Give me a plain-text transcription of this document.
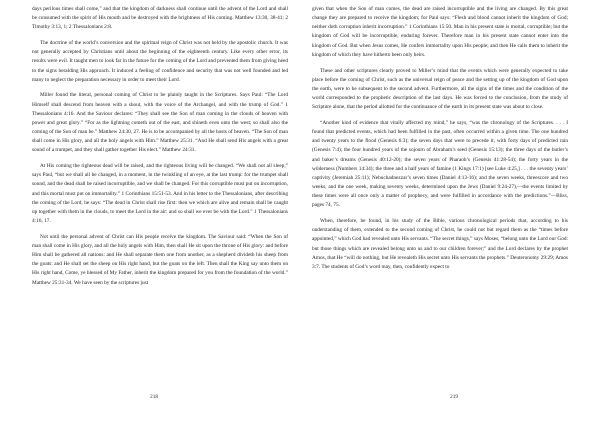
days perilous times shall come,” and that the kingdom of darkness shall continue until the advent of the Lord and shall be consumed with the spirit of His mouth and be destroyed with the brightness of His coming. Matthew 13:30, 38-41; 2 Timothy 3:13, 1; 2 Thessalonians 2:8.

The doctrine of the world’s conversion and the spiritual reign of Christ was not held by the apostolic church. It was not generally accepted by Christians until about the beginning of the eighteenth century. Like every other error, its results were evil. It taught men to look far in the future for the coming of the Lord and prevented them from giving heed to the signs heralding His approach. It induced a feeling of confidence and security that was not well founded and led many to neglect the preparation necessary in order to meet their Lord.

Miller found the literal, personal coming of Christ to be plainly taught in the Scriptures. Says Paul: “The Lord Himself shall descend from heaven with a shout, with the voice of the Archangel, and with the trump of God.” 1 Thessalonians 4:16. And the Saviour declares: “They shall see the Son of man coming in the clouds of heaven with power and great glory.” “For as the lightning cometh out of the east, and shineth even unto the west; so shall also the coming of the Son of man be.” Matthew 24:30, 27. He is to be accompanied by all the hosts of heaven. “The Son of man shall come in His glory, and all the holy angels with Him.” Matthew 25:31. “And He shall send His angels with a great sound of a trumpet, and they shall gather together His elect.” Matthew 24:31.

At His coming the righteous dead will be raised, and the righteous living will be changed. “We shall not all sleep,” says Paul, “but we shall all be changed, in a moment, in the twinkling of an eye, at the last trump: for the trumpet shall sound, and the dead shall be raised incorruptible, and we shall be changed. For this corruptible must put on incorruption, and this mortal must put on immortality.” 1 Corinthians 15:51-53. And in his letter to the Thessalonians, after describing the coming of the Lord, he says: “The dead in Christ shall rise first: then we which are alive and remain shall be caught up together with them in the clouds, to meet the Lord in the air: and so shall we ever be with the Lord.” 1 Thessalonians 4:16, 17.

Not until the personal advent of Christ can His people receive the kingdom. The Saviour said: “When the Son of man shall come in His glory, and all the holy angels with Him, then shall He sit upon the throne of His glory: and before Him shall be gathered all nations: and He shall separate them one from another, as a shepherd divideth his sheep from the goats: and He shall set the sheep on His right hand, but the goats on the left. Then shall the King say unto them on His right hand, Come, ye blessed of My Father, inherit the kingdom prepared for you from the foundation of the world.” Matthew 25:31-34. We have seen by the scriptures just

218

given that when the Son of man comes, the dead are raised incorruptible and the living are changed. By this great change they are prepared to receive the kingdom; for Paul says: “Flesh and blood cannot inherit the kingdom of God; neither doth corruption inherit incorruption.” 1 Corinthians 15:50. Man in his present state is mortal, corruptible; but the kingdom of God will be incorruptible, enduring forever. Therefore man in his present state cannot enter into the kingdom of God. But when Jesus comes, He confers immortality upon His people; and then He calls them to inherit the kingdom of which they have hitherto been only heirs.

These and other scriptures clearly proved to Miller’s mind that the events which were generally expected to take place before the coming of Christ, such as the universal reign of peace and the setting up of the kingdom of God upon the earth, were to be subsequent to the second advent. Furthermore, all the signs of the times and the condition of the world corresponded to the prophetic description of the last days. He was forced to the conclusion, from the study of Scripture alone, that the period allotted for the continuance of the earth in its present state was about to close.

“Another kind of evidence that vitally affected my mind,” he says, “was the chronology of the Scriptures. . . . I found that predicted events, which had been fulfilled in the past, often occurred within a given time. The one hundred and twenty years to the flood (Genesis 6:3); the seven days that were to precede it, with forty days of predicted rain (Genesis 7:4); the four hundred years of the sojourn of Abraham’s seed (Genesis 15:13); the three days of the butler’s and baker’s dreams (Genesis 40:12-20); the seven years of Pharaoh’s (Genesis 41:28-54); the forty years in the wilderness (Numbers 14:34); the three and a half years of famine (1 Kings 17:1) [see Luke 4:25,] . . . the seventy years’ captivity (Jeremiah 25:11); Nebuchadnezzar’s seven times (Daniel 4:13-16); and the seven weeks, threescore and two weeks, and the one week, making seventy weeks, determined upon the Jews (Daniel 9:24-27),—the events limited by these times were all once only a matter of prophecy, and were fulfilled in accordance with the predictions.”—Bliss, pages 74, 75.

When, therefore, he found, in his study of the Bible, various chronological periods that, according to his understanding of them, extended to the second coming of Christ, he could not but regard them as the “times before appointed,” which God had revealed unto His servants. “The secret things,” says Moses, “belong unto the Lord our God: but those things which are revealed belong unto us and to our children forever;” and the Lord declares by the prophet Amos, that He “will do nothing, but He revealeth His secret unto His servants the prophets.” Deuteronomy 29:29; Amos 3:7. The students of God’s word may, then, confidently expect to

219
